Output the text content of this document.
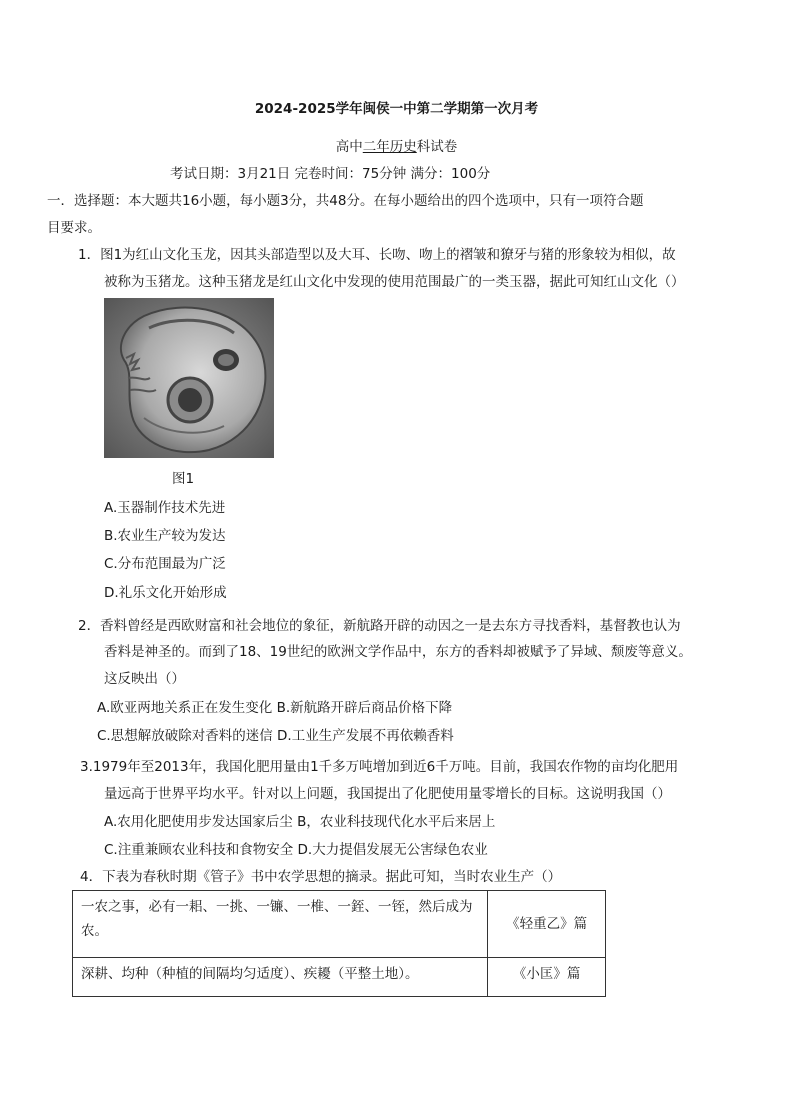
2024-2025学年闽侯一中第二学期第一次月考
高中二年历史科试卷
考试日期：3月21日 完卷时间：75分钟 满分：100分
一．选择题：本大题共16小题，每小题3分，共48分。在每小题给出的四个选项中，只有一项符合题
目要求。
1．图1为红山文化玉龙，因其头部造型以及大耳、长吻、吻上的褶皱和獠牙与猪的形象较为相似，故
被称为玉猪龙。这种玉猪龙是红山文化中发现的使用范围最广的一类玉器，据此可知红山文化（）
图1
A.玉器制作技术先进
B.农业生产较为发达
C.分布范围最为广泛
D.礼乐文化开始形成
2．香料曾经是西欧财富和社会地位的象征，新航路开辟的动因之一是去东方寻找香料，基督教也认为
香料是神圣的。而到了18、19世纪的欧洲文学作品中，东方的香料却被赋予了异域、颓废等意义。
这反映出（）
A.欧亚两地关系正在发生变化 B.新航路开辟后商品价格下降
C.思想解放破除对香料的迷信 D.工业生产发展不再依赖香料
3.1979年至2013年，我国化肥用量由1千多万吨增加到近6千万吨。目前，我国农作物的亩均化肥用
量远高于世界平均水平。针对以上问题，我国提出了化肥使用量零增长的目标。这说明我国（）
A.农用化肥使用步发达国家后尘 B，农业科技现代化水平后来居上
C.注重兼顾农业科技和食物安全 D.大力提倡发展无公害绿色农业
4．下表为春秋时期《管子》书中农学思想的摘录。据此可知，当时农业生产（）
一农之事，必有一耜、一挑、一镰、一椎、一銍、一铚，然后成为农。	《轻重乙》篇
深耕、均种（种植的间隔均匀适度）、疾耰（平整土地）。	《小匡》篇
